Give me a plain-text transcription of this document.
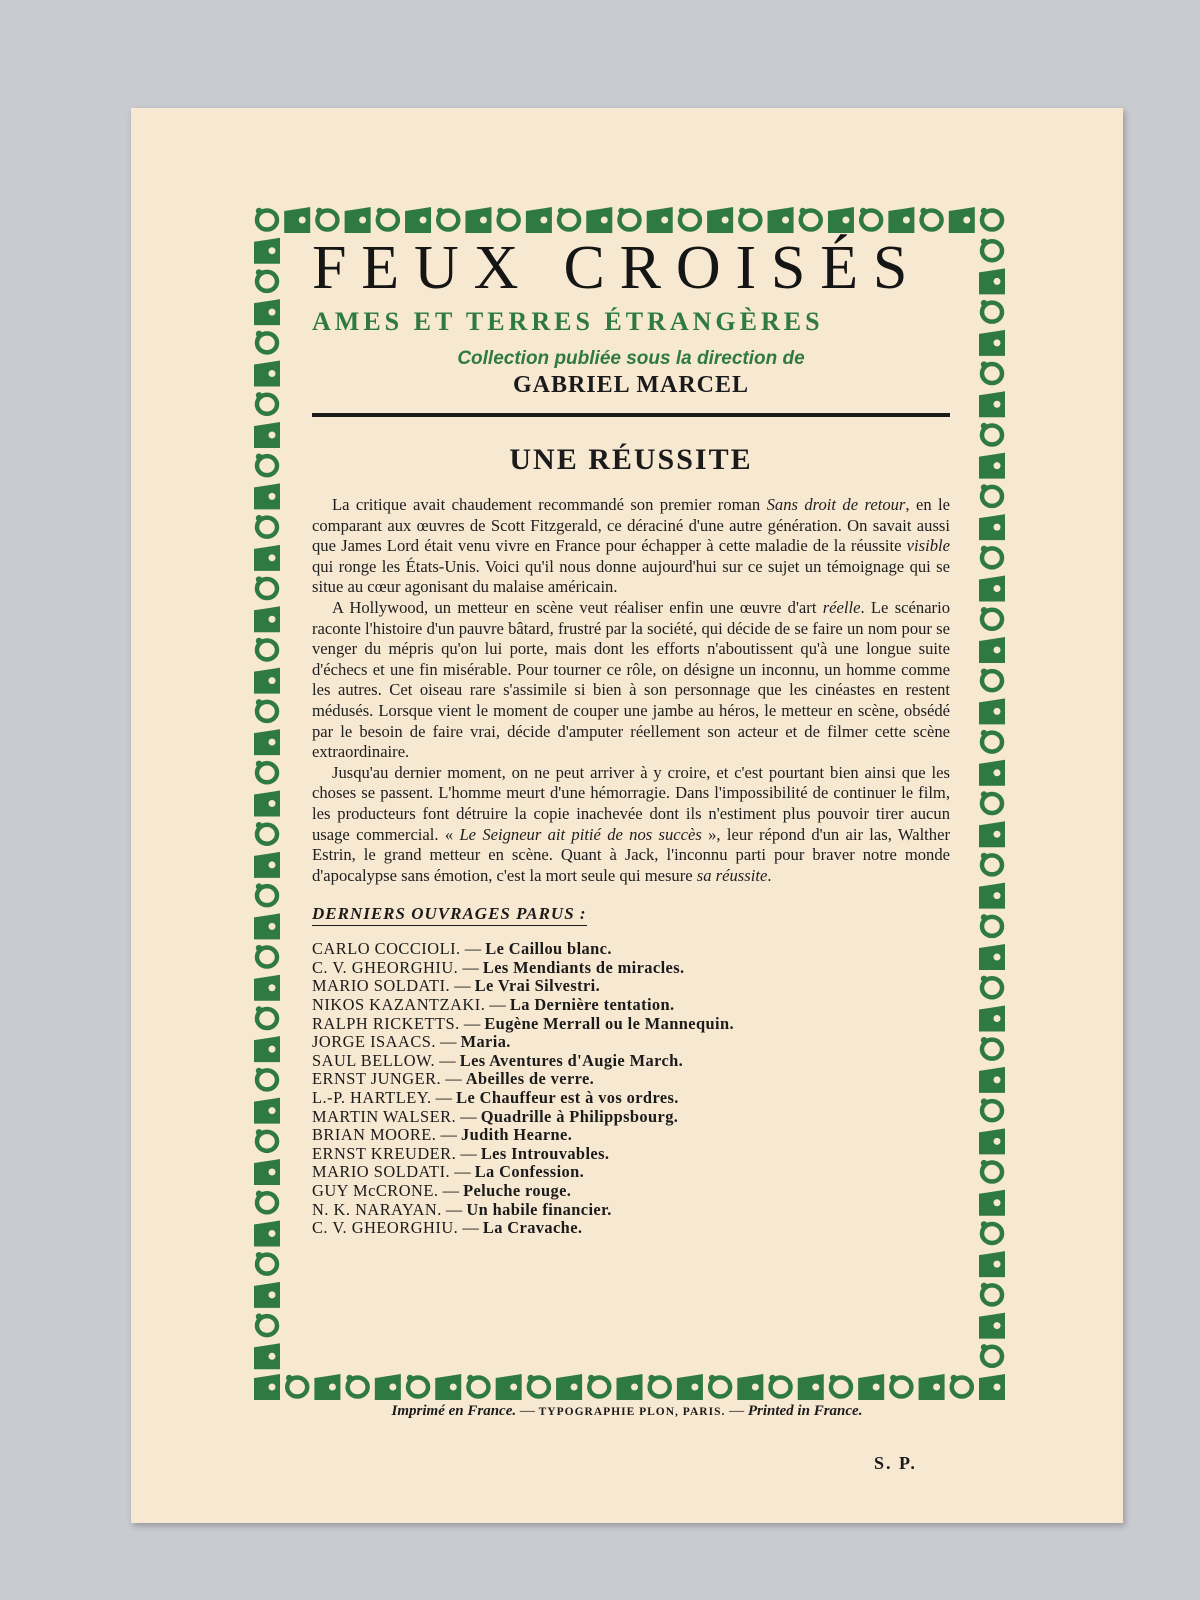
FEUX CROISÉS
AMES ET TERRES ÉTRANGÈRES
Collection publiée sous la direction de
GABRIEL MARCEL
UNE RÉUSSITE

La critique avait chaudement recommandé son premier roman Sans droit de retour, en le comparant aux œuvres de Scott Fitzgerald, ce déraciné d'une autre génération. On savait aussi que James Lord était venu vivre en France pour échapper à cette maladie de la réussite visible qui ronge les États-Unis. Voici qu'il nous donne aujourd'hui sur ce sujet un témoignage qui se situe au cœur agonisant du malaise américain.

A Hollywood, un metteur en scène veut réaliser enfin une œuvre d'art réelle. Le scénario raconte l'histoire d'un pauvre bâtard, frustré par la société, qui décide de se faire un nom pour se venger du mépris qu'on lui porte, mais dont les efforts n'aboutissent qu'à une longue suite d'échecs et une fin misérable. Pour tourner ce rôle, on désigne un inconnu, un homme comme les autres. Cet oiseau rare s'assimile si bien à son personnage que les cinéastes en restent médusés. Lorsque vient le moment de couper une jambe au héros, le metteur en scène, obsédé par le besoin de faire vrai, décide d'amputer réellement son acteur et de filmer cette scène extraordinaire.

Jusqu'au dernier moment, on ne peut arriver à y croire, et c'est pourtant bien ainsi que les choses se passent. L'homme meurt d'une hémorragie. Dans l'impossibilité de continuer le film, les producteurs font détruire la copie inachevée dont ils n'estiment plus pouvoir tirer aucun usage commercial. « Le Seigneur ait pitié de nos succès », leur répond d'un air las, Walther Estrin, le grand metteur en scène. Quant à Jack, l'inconnu parti pour braver notre monde d'apocalypse sans émotion, c'est la mort seule qui mesure sa réussite.

DERNIERS OUVRAGES PARUS :
CARLO COCCIOLI. — Le Caillou blanc.
C. V. GHEORGHIU. — Les Mendiants de miracles.
MARIO SOLDATI. — Le Vrai Silvestri.
NIKOS KAZANTZAKI. — La Dernière tentation.
RALPH RICKETTS. — Eugène Merrall ou le Mannequin.
JORGE ISAACS. — Maria.
SAUL BELLOW. — Les Aventures d'Augie March.
ERNST JUNGER. — Abeilles de verre.
L.-P. HARTLEY. — Le Chauffeur est à vos ordres.
MARTIN WALSER. — Quadrille à Philippsbourg.
BRIAN MOORE. — Judith Hearne.
ERNST KREUDER. — Les Introuvables.
MARIO SOLDATI. — La Confession.
GUY McCRONE. — Peluche rouge.
N. K. NARAYAN. — Un habile financier.
C. V. GHEORGHIU. — La Cravache.
Imprimé en France. — TYPOGRAPHIE PLON, PARIS. — Printed in France.
S. P.
